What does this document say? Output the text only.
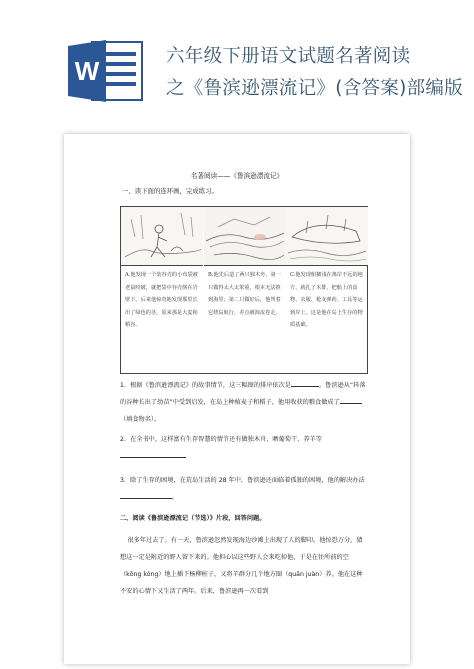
W	六年级下册语文试题名著阅读
之《鲁滨逊漂流记》(含答案)部编版
名著阅读——《鲁滨逊漂流记》
一、读下面的连环画，完成练习。
A.他发现一个装谷壳的小布袋被老鼠咬破，就把袋中谷壳倒在岩壁下。后来他惊奇地发现那里长出了绿色的茎，原来那是大麦和稻谷。
B.他先后造了两只独木舟，第一只做得太大太笨重，根本无法推到海里；第二只做好后，他驾着它绕岛航行，差点被海流卷走。
C.他发现船搁浅在离岸不远的地方，就扎了木排，把船上的食物、衣服、枪支弹药、工具等运到岸上。这是他在岛上生存的物质基础。
1．根据《鲁滨逊漂流记》的故事情节，这三幅图的排序依次是	。鲁滨逊从“抖落的谷种长出了幼苗”中受到启发，在岛上种植麦子和稻子，他用收获的粮食做成了（填食物名）。
2．在全书中，这样富有生存智慧的情节还有做独木舟、晒葡萄干、养羊等

3．除了生存的困境，在荒岛生活的 28 年中，鲁滨逊还面临着孤独的困境，他的解决办法。
二、阅读《鲁滨逊漂流记（节选）》片段，回答问题。
很多年过去了。有一天，鲁滨逊忽然发现海边沙滩上出现了人的脚印。他惊恐万分，猜想这一定是附近的野人留下来的。他担心以这些野人会来吃掉他，于是在住所前的空（kōng kòng）地上插下杨柳桩子，又将羊群分几个地方圈（quān juàn）养。他在这种不安的心情下又生活了两年。后来，鲁滨逊再一次看到
